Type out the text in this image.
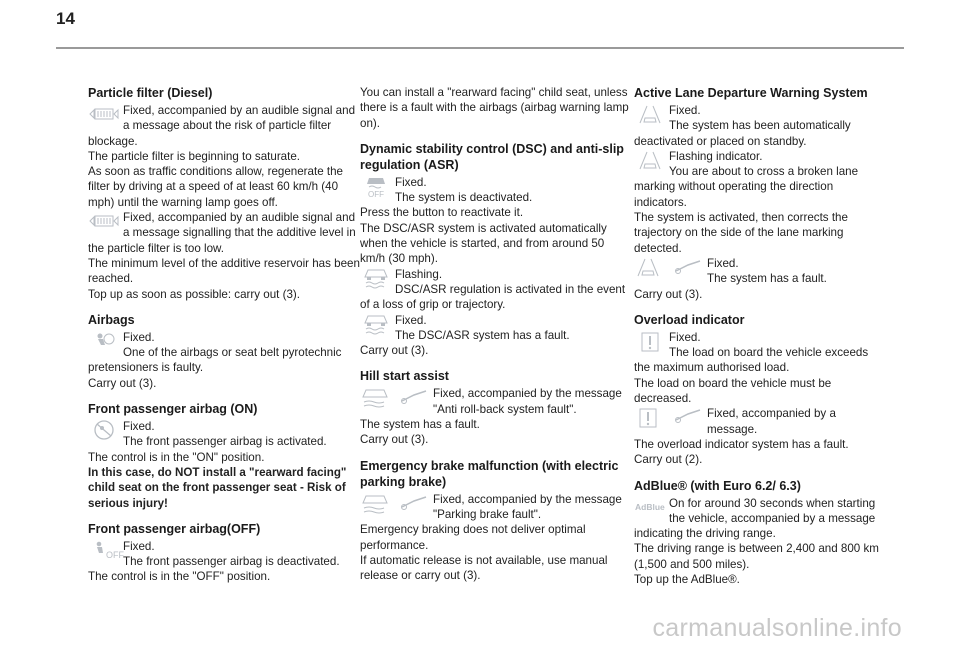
14
Particle filter (Diesel)
Fixed, accompanied by an audible signal and a message about the risk of particle filter blockage.
The particle filter is beginning to saturate.
As soon as traffic conditions allow, regenerate the filter by driving at a speed of at least 60 km/h (40 mph) until the warning lamp goes off.
Fixed, accompanied by an audible signal and a message signalling that the additive level in the particle filter is too low.
The minimum level of the additive reservoir has been reached.
Top up as soon as possible: carry out (3).
Airbags
Fixed.
One of the airbags or seat belt pyrotechnic pretensioners is faulty.
Carry out (3).
Front passenger airbag (ON)
Fixed.
The front passenger airbag is activated.
The control is in the "ON" position.
In this case, do NOT install a "rearward facing" child seat on the front passenger seat - Risk of serious injury!
Front passenger airbag(OFF)
OFF
Fixed.
The front passenger airbag is deactivated.
The control is in the "OFF" position.
You can install a "rearward facing" child seat, unless there is a fault with the airbags (airbag warning lamp on).
Dynamic stability control (DSC) and anti-slip regulation (ASR)
OFF
Fixed.
The system is deactivated.
Press the button to reactivate it.
The DSC/ASR system is activated automatically when the vehicle is started, and from around 50 km/h (30 mph).
Flashing.
DSC/ASR regulation is activated in the event of a loss of grip or trajectory.
Fixed.
The DSC/ASR system has a fault.
Carry out (3).
Hill start assist
Fixed, accompanied by the message "Anti roll-back system fault".
The system has a fault.
Carry out (3).
Emergency brake malfunction (with electric parking brake)
Fixed, accompanied by the message "Parking brake fault".
Emergency braking does not deliver optimal performance.
If automatic release is not available, use manual release or carry out (3).
Active Lane Departure Warning System
Fixed.
The system has been automatically deactivated or placed on standby.
Flashing indicator.
You are about to cross a broken lane marking without operating the direction indicators.
The system is activated, then corrects the trajectory on the side of the lane marking detected.
Fixed.
The system has a fault.
Carry out (3).
Overload indicator
Fixed.
The load on board the vehicle exceeds the maximum authorised load.
The load on board the vehicle must be decreased.
Fixed, accompanied by a message.
The overload indicator system has a fault.
Carry out (2).
AdBlue® (with Euro 6.2/ 6.3)
AdBlue On for around 30 seconds when starting the vehicle, accompanied by a message indicating the driving range.
The driving range is between 2,400 and 800 km (1,500 and 500 miles).
Top up the AdBlue®.
carmanualsonline.info
